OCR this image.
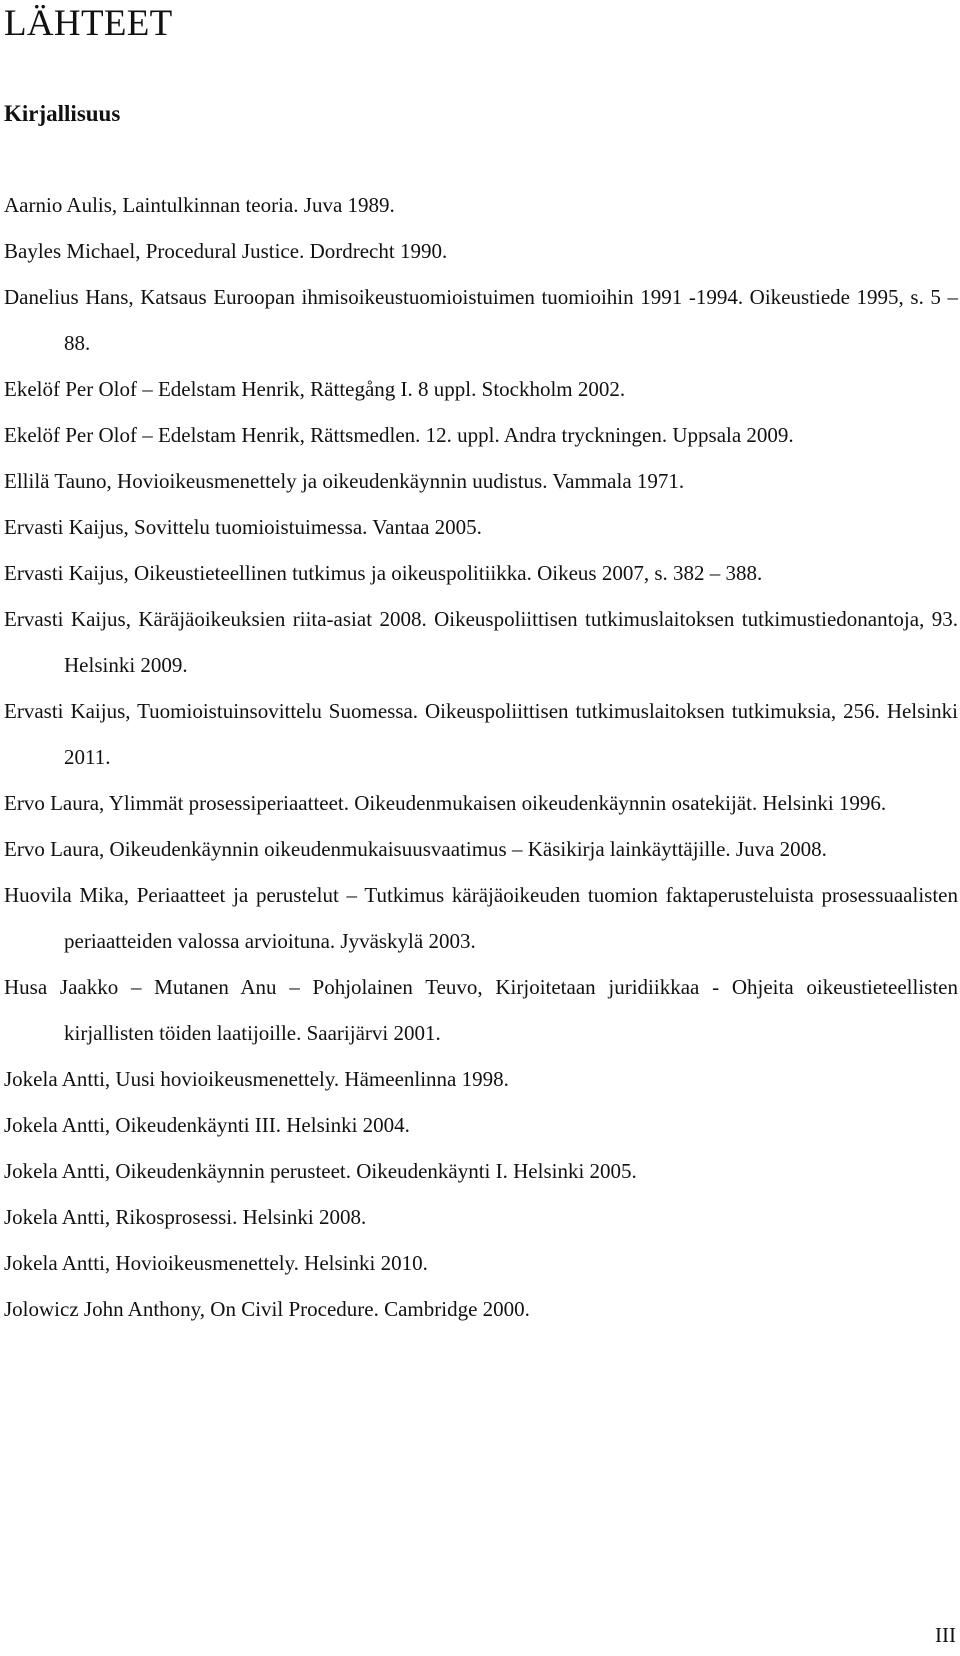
LÄHTEET
Kirjallisuus
Aarnio Aulis, Laintulkinnan teoria. Juva 1989.
Bayles Michael, Procedural Justice. Dordrecht 1990.
Danelius Hans, Katsaus Euroopan ihmisoikeustuomioistuimen tuomioihin 1991 -1994. Oikeustiede 1995, s. 5 – 88.
Ekelöf Per Olof – Edelstam Henrik, Rättegång I. 8 uppl. Stockholm 2002.
Ekelöf Per Olof – Edelstam Henrik, Rättsmedlen. 12. uppl. Andra tryckningen. Uppsala 2009.
Ellilä Tauno, Hovioikeusmenettely ja oikeudenkäynnin uudistus. Vammala 1971.
Ervasti Kaijus, Sovittelu tuomioistuimessa. Vantaa 2005.
Ervasti Kaijus, Oikeustieteellinen tutkimus ja oikeuspolitiikka. Oikeus 2007, s. 382 – 388.
Ervasti Kaijus, Käräjäoikeuksien riita-asiat 2008. Oikeuspoliittisen tutkimuslaitoksen tutkimustiedonantoja, 93. Helsinki 2009.
Ervasti Kaijus, Tuomioistuinsovittelu Suomessa. Oikeuspoliittisen tutkimuslaitoksen tutkimuksia, 256. Helsinki 2011.
Ervo Laura, Ylimmät prosessiperiaatteet. Oikeudenmukaisen oikeudenkäynnin osatekijät. Helsinki 1996.
Ervo Laura, Oikeudenkäynnin oikeudenmukaisuusvaatimus – Käsikirja lainkäyttäjille. Juva 2008.
Huovila Mika, Periaatteet ja perustelut – Tutkimus käräjäoikeuden tuomion faktaperusteluista prosessuaalisten periaatteiden valossa arvioituna. Jyväskylä 2003.
Husa Jaakko – Mutanen Anu – Pohjolainen Teuvo, Kirjoitetaan juridiikkaa - Ohjeita oikeustieteellisten kirjallisten töiden laatijoille. Saarijärvi 2001.
Jokela Antti, Uusi hovioikeusmenettely. Hämeenlinna 1998.
Jokela Antti, Oikeudenkäynti III. Helsinki 2004.
Jokela Antti, Oikeudenkäynnin perusteet. Oikeudenkäynti I. Helsinki 2005.
Jokela Antti, Rikosprosessi. Helsinki 2008.
Jokela Antti, Hovioikeusmenettely. Helsinki 2010.
Jolowicz John Anthony, On Civil Procedure. Cambridge 2000.
III
